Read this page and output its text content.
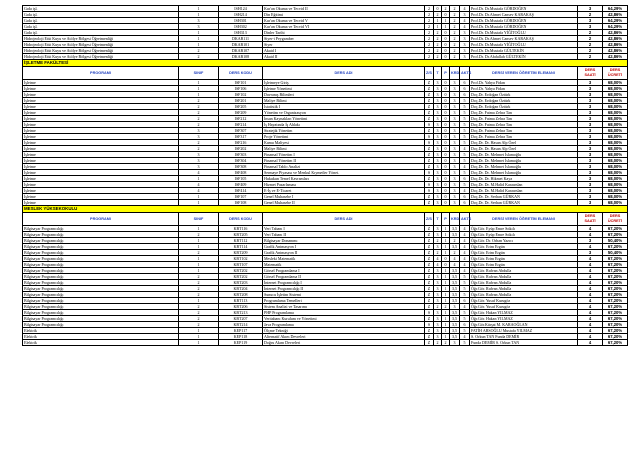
Gıda işl.	1	ISH124	Kur'an Okuma ve Tecvid II	2	0	2	2	4	Prof.Dr. Dr.Mustafa GÖRDOĞEN	3	64,29%
Gıda işl.	1	ISH214	Din Eğitimi	2	2	0	2	3	Prof.Dr. Dr.Ahmet Cansev KARAKAŞ	2	42,86%
Gıda işl.	3	ISH301	Kur'an Okuma ve Tecvid V	2	1	1	2	4	Prof.Dr. Dr.Mustafa GÖRDOĞEN	3	64,29%
Gıda işl.	3	ISH302	Kur'an Okuma ve Tecvid VI	2	1	1	2	4	Prof.Dr. Dr.Mustafa GÖRDOĞEN	3	64,29%
Gıda işl.	1	ISH313	Dinler Tarihi	2	2	0	2	3	Prof.Dr. Dr.Mustafa YİĞİTOĞLU	2	42,86%
Hidrojeoloji Etüt Kuyu ve Atölye Bölgesi Öğretmenliği	1	DKAB111	Siyer-i Peygamber	2	2	0	2	3	Prof.Dr. Dr.Ahmet Cansev KARAKAŞ	2	42,86%
Hidrojeoloji Etüt Kuyu ve Atölye Bölgesi Öğretmenliği	1	DKAB101	Siyer	2	2	0	2	3	Prof.Dr. Dr.Mustafa YİĞİTOĞLU	2	42,86%
Hidrojeoloji Etüt Kuyu ve Atölye Bölgesi Öğretmenliği	2	DKAB107	Akaid I	2	2	0	2	3	Prof.Dr. Dr.Mustafa GÜLTEKİN	2	42,86%
Hidrojeoloji Etüt Kuyu ve Atölye Bölgesi Öğretmenliği	2	DKAB108	Akaid II	2	2	0	2	3	Prof.Dr. Dr.Abdullah GÜLTEKİN	2	42,86%
İŞLETME FAKÜLTESİ											
PROGRAMI	SINIF	DERS KODU	DERS ADI	Z/S	T	P	KRD	AKTS	DERSİ VEREN ÖĞRETİM ELEMANI	DERS SAATİ	DERS ÜCRETİ
İşletme	1	ISF101	İşletmeye Giriş	Z	3	0	3	6	Prof.Dr. Yahya Fidan	3	68,00%
İşletme	1	ISF106	İşletme Yönetimi	Z	3	0	3	6	Prof.Dr. Yahya Fidan	3	68,00%
İşletme	1	ISF102	Davranış Bilimleri	Z	3	0	3	6	Doç.Dr. Erdoğan Öztürk	3	68,00%
İşletme	2	ISF201	Maliye Bilimi	Z	3	0	3	5	Doç.Dr. Erdoğan Öztürk	3	68,00%
İşletme	2	ISF205	İstatistik I	Z	3	0	3	5	Doç.Dr. Erdoğan Öztürk	3	68,00%
İşletme	2	ISF209	Yönetim ve Organizasyon	Z	3	0	3	5	Doç.Dr. Fatma Zehra Tan	3	68,00%
İşletme	2	ISF212	İnsan Kaynakları Yönetimi	Z	3	0	3	5	Doç.Dr. Fatma Zehra Tan	3	68,00%
İşletme	2	ISF214	İş Hayatında İş Ahlakı	S	3	0	3	5	Doç.Dr. Fatma Zehra Tan	3	68,00%
İşletme	3	ISF307	Stratejik Yönetim	Z	3	0	3	5	Doç.Dr. Fatma Zehra Tan	3	68,00%
İşletme	3	ISF317	Proje Yönetimi	S	3	0	3	5	Doç.Dr. Fatma Zehra Tan	3	68,00%
İşletme	2	ISF216	Kamu Maliyesi	S	3	0	3	5	Doç.Dr. Dr. Hasan Alp Özel	3	68,00%
İşletme	2	ISF202	Maliye Bilimi	Z	3	0	3	4	Doç.Dr. Dr. Hasan Alp Özel	3	68,00%
İşletme	3	ISF303	Finansal Yönetim I	Z	3	0	3	5	Doç.Dr. Dr. Mehmet İslamoğlu	3	68,00%
İşletme	3	ISF304	Finansal Yönetim II	Z	3	0	3	5	Doç.Dr. Dr. Mehmet İslamoğlu	3	68,00%
İşletme	3	ISF308	Finansal Tablo Analizi	Z	3	0	3	4	Doç.Dr. Dr. Mehmet İslamoğlu	3	68,00%
İşletme	4	ISF408	Sermaye Piyasası ve Menkul Kıymetler Yönet.	S	3	0	3	5	Doç.Dr. Dr. Mehmet İslamoğlu	3	68,00%
İşletme	1	ISF105	Hukukun Temel Kavramları	Z	3	0	3	6	Doç.Dr. Dr. Hikmet Kaya	3	68,00%
İşletme	4	ISF409	Hizmet Pazarlaması	S	3	0	3	5	Doç.Dr. Dr. M.Halid Karaarslan	3	68,00%
İşletme	4	ISF414	E-İş ve E-Ticaret	S	3	0	3	4	Doç.Dr. Dr. M.Halid Karaarslan	3	68,00%
İşletme	1	ISF107	Genel Muhasebe I	Z	3	0	3	6	Doç.Dr. Dr. Serhan GÜRKAN	3	68,00%
İşletme	1	ISF108	Genel Muhasebe II	Z	3	0	3	6	Doç.Dr. Dr. Serhan GÜRKAN	3	68,00%
MESLEK YÜKSEKOKULU											
PROGRAMI	SINIF	DERS KODU	DERS ADI	Z/S	T	P	KRD	AKTS	DERSİ VEREN ÖĞRETİM ELEMANI	DERS SAATİ	DERS ÜCRETİ
Bilgisayar Programcılığı	1	KBT116	Veri Tabanı I	Z	3	1	3,5	4	Öğr.Gör. Eyüp Emre Sıtkılı	4	67,20%
Bilgisayar Programcılığı	2	KBT205	Veri Tabanı II	Z	3	1	3,5	4	Öğr.Gör. Eyüp Emre Sıtkılı	4	67,20%
Bilgisayar Programcılığı	1	KBT112	Bilgisayar Donanımı	Z	2	1	2	4	Öğr.Gör. Dr. Orhan Yazıcı	3	50,40%
Bilgisayar Programcılığı	1	KBT114	Grafik Animasyon I	Z	3	1	3,5	4	Öğr.Gör. Erim Ergün	4	67,20%
Bilgisayar Programcılığı	2	KBT209	Grafik Animasyon II	Z	2	1	2	4	Öğr.Gör. Erim Ergün	3	50,40%
Bilgisayar Programcılığı	1	KBT102	Mesleki Matematik	Z	4	0	4	4	Öğr.Gör. Erim Ergün	4	67,20%
Bilgisayar Programcılığı	1	KBT107	Matematik	Z	4	0	4	4	Öğr.Gör. Erim Ergün	4	67,20%
Bilgisayar Programcılığı	1	KBT202	Görsel Programlama I	Z	3	1	3,5	4	Öğr.Gör. Rıdvan Abdulla	4	67,20%
Bilgisayar Programcılığı	2	KBT202	Görsel Programlama II	Z	3	1	3,5	5	Öğr.Gör. Rıdvan Abdulla	4	67,20%
Bilgisayar Programcılığı	2	KBT203	İnternet Programcılığı I	Z	3	1	3,5	5	Öğr.Gör. Rıdvan Abdulla	4	67,20%
Bilgisayar Programcılığı	2	KBT204	İnternet Programcılığı II	Z	3	1	3,5	5	Öğr.Gör. Rıdvan Abdulla	4	67,20%
Bilgisayar Programcılığı	2	KBT208	Sunucu İşletim Sistemi	Z	3	1	3,5	5	Öğr.Gör. Rıdvan Abdulla	4	67,20%
Bilgisayar Programcılığı	1	KBT113	Programlama Temelleri	Z	3	1	3,5	6	Öğr.Gör. Yusuf Kurugöz	4	67,20%
Bilgisayar Programcılığı	2	KBT206	Sistem Analizi ve Tasarımı	Z	2	2	3	4	Öğr.Gör. Yusuf Kurugöz	4	67,20%
Bilgisayar Programcılığı	2	KBT213	PHP Programlama	S	3	1	3,5	5	Öğr.Gör. Hakan YILMAZ	4	67,20%
Bilgisayar Programcılığı	2	KBT207	Veritabanı Kurulum ve Yönetimi	Z	3	1	3,5	5	Öğr.Gör. Hakan YILMAZ	4	67,20%
Bilgisayar Programcılığı	2	KBT214	Java Programlama	S	3	1	3,5	6	Öğr.Gör.Kürşat M. KARAOĞLAN	4	67,20%
Elektrik	1	KEP117	Ölçme Tekniği	Z	3	1	3,5	5	FATİH ARSOĞLU Mustafa YILMAZ	4	67,20%
Elektrik	1	KEP118	Alternatif Akım Devreleri	Z	3	1	3,5	4	S. Orkun TAN Funda DEMİR	4	67,20%
Elektrik	1	KEP119	Doğru Akım Devreleri	Z	2	2	3	5	Funda DEMİR S. Orkun TAN	4	67,20%
